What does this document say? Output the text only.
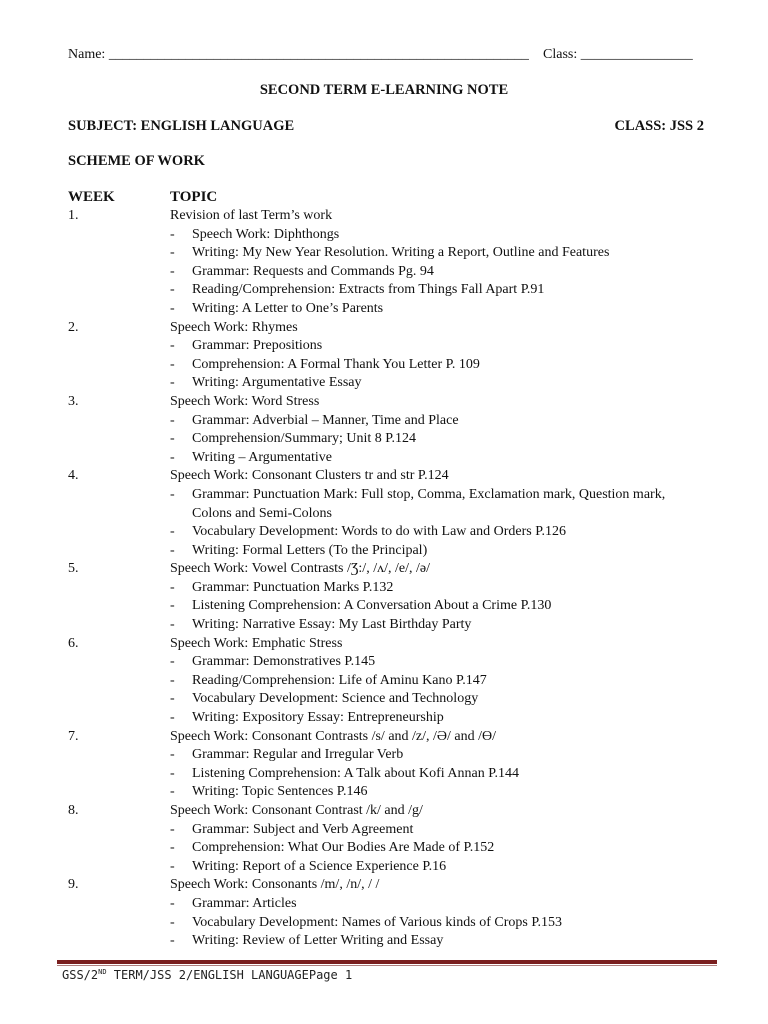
Name: ____________________________________________________________ Class: ________________
SECOND TERM E-LEARNING NOTE
SUBJECT: ENGLISH LANGUAGE	CLASS: JSS 2
SCHEME OF WORK
WEEK	TOPIC
1.	Revision of last Term’s work
- Speech Work: Diphthongs
- Writing: My New Year Resolution. Writing a Report, Outline and Features
- Grammar: Requests and Commands Pg. 94
- Reading/Comprehension: Extracts from Things Fall Apart P.91
- Writing: A Letter to One’s Parents
2.	Speech Work: Rhymes
- Grammar: Prepositions
- Comprehension: A Formal Thank You Letter P. 109
- Writing: Argumentative Essay
3.	Speech Work: Word Stress
- Grammar: Adverbial – Manner, Time and Place
- Comprehension/Summary; Unit 8 P.124
- Writing – Argumentative
4.	Speech Work: Consonant Clusters tr and str P.124
- Grammar: Punctuation Mark: Full stop, Comma, Exclamation mark, Question mark, Colons and Semi-Colons
- Vocabulary Development: Words to do with Law and Orders P.126
- Writing: Formal Letters (To the Principal)
5.	Speech Work: Vowel Contrasts /Ʒ:/, /ʌ/, /e/, /ə/
- Grammar: Punctuation Marks P.132
- Listening Comprehension: A Conversation About a Crime P.130
- Writing: Narrative Essay: My Last Birthday Party
6.	Speech Work: Emphatic Stress
- Grammar: Demonstratives P.145
- Reading/Comprehension: Life of Aminu Kano P.147
- Vocabulary Development: Science and Technology
- Writing: Expository Essay: Entrepreneurship
7.	Speech Work: Consonant Contrasts /s/ and /z/, /Ə/ and /Ɵ/
- Grammar: Regular and Irregular Verb
- Listening Comprehension: A Talk about Kofi Annan P.144
- Writing: Topic Sentences P.146
8.	Speech Work: Consonant Contrast /k/ and /g/
- Grammar: Subject and Verb Agreement
- Comprehension: What Our Bodies Are Made of P.152
- Writing: Report of a Science Experience P.16
9.	Speech Work: Consonants /m/, /n/, / /
- Grammar: Articles
- Vocabulary Development: Names of Various kinds of Crops P.153
- Writing: Review of Letter Writing and Essay
GSS/2ND TERM/JSS 2/ENGLISH LANGUAGEPage 1
